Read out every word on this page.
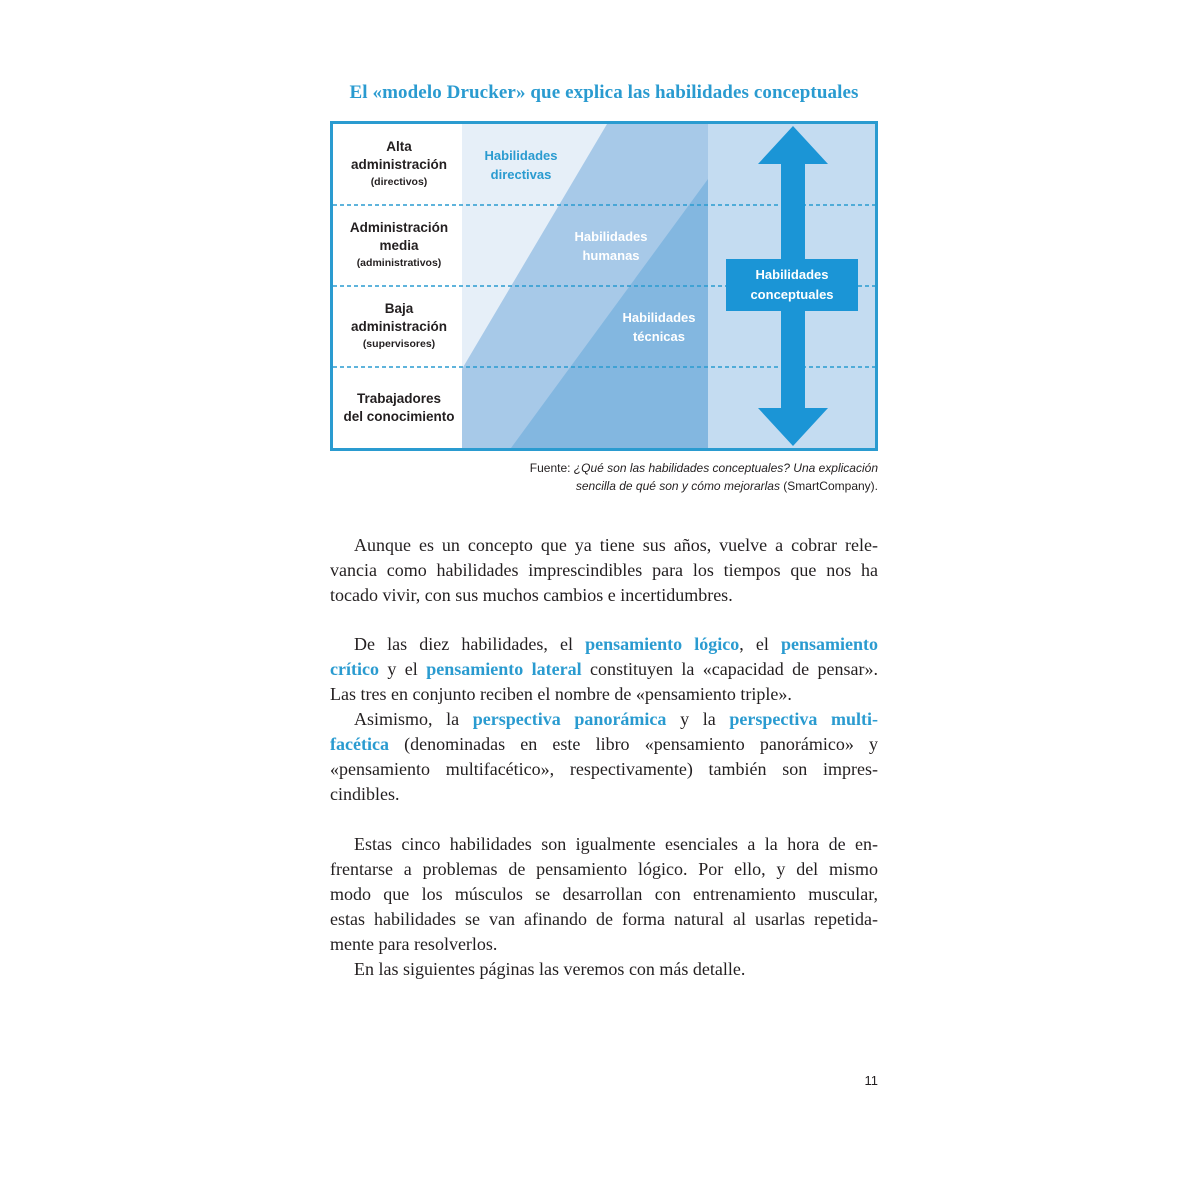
El «modelo Drucker» que explica las habilidades conceptuales
Alta
administración
(directivos)
Administración
media
(administrativos)
Baja
administración
(supervisores)
Trabajadores
del conocimiento
Habilidades
directivas
Habilidades
humanas
Habilidades
técnicas
Habilidades
conceptuales
Fuente: ¿Qué son las habilidades conceptuales? Una explicación
sencilla de qué son y cómo mejorarlas (SmartCompany).

Aunque es un concepto que ya tiene sus años, vuelve a cobrar rele-
vancia como habilidades imprescindibles para los tiempos que nos ha
tocado vivir, con sus muchos cambios e incertidumbres.

De las diez habilidades, el pensamiento lógico, el pensamiento
crítico y el pensamiento lateral constituyen la «capacidad de pensar».
Las tres en conjunto reciben el nombre de «pensamiento triple».

Asimismo, la perspectiva panorámica y la perspectiva multi-
facética (denominadas en este libro «pensamiento panorámico» y
«pensamiento multifacético», respectivamente) también son impres-
cindibles.

Estas cinco habilidades son igualmente esenciales a la hora de en-
frentarse a problemas de pensamiento lógico. Por ello, y del mismo
modo que los músculos se desarrollan con entrenamiento muscular,
estas habilidades se van afinando de forma natural al usarlas repetida-
mente para resolverlos.

En las siguientes páginas las veremos con más detalle.

11
